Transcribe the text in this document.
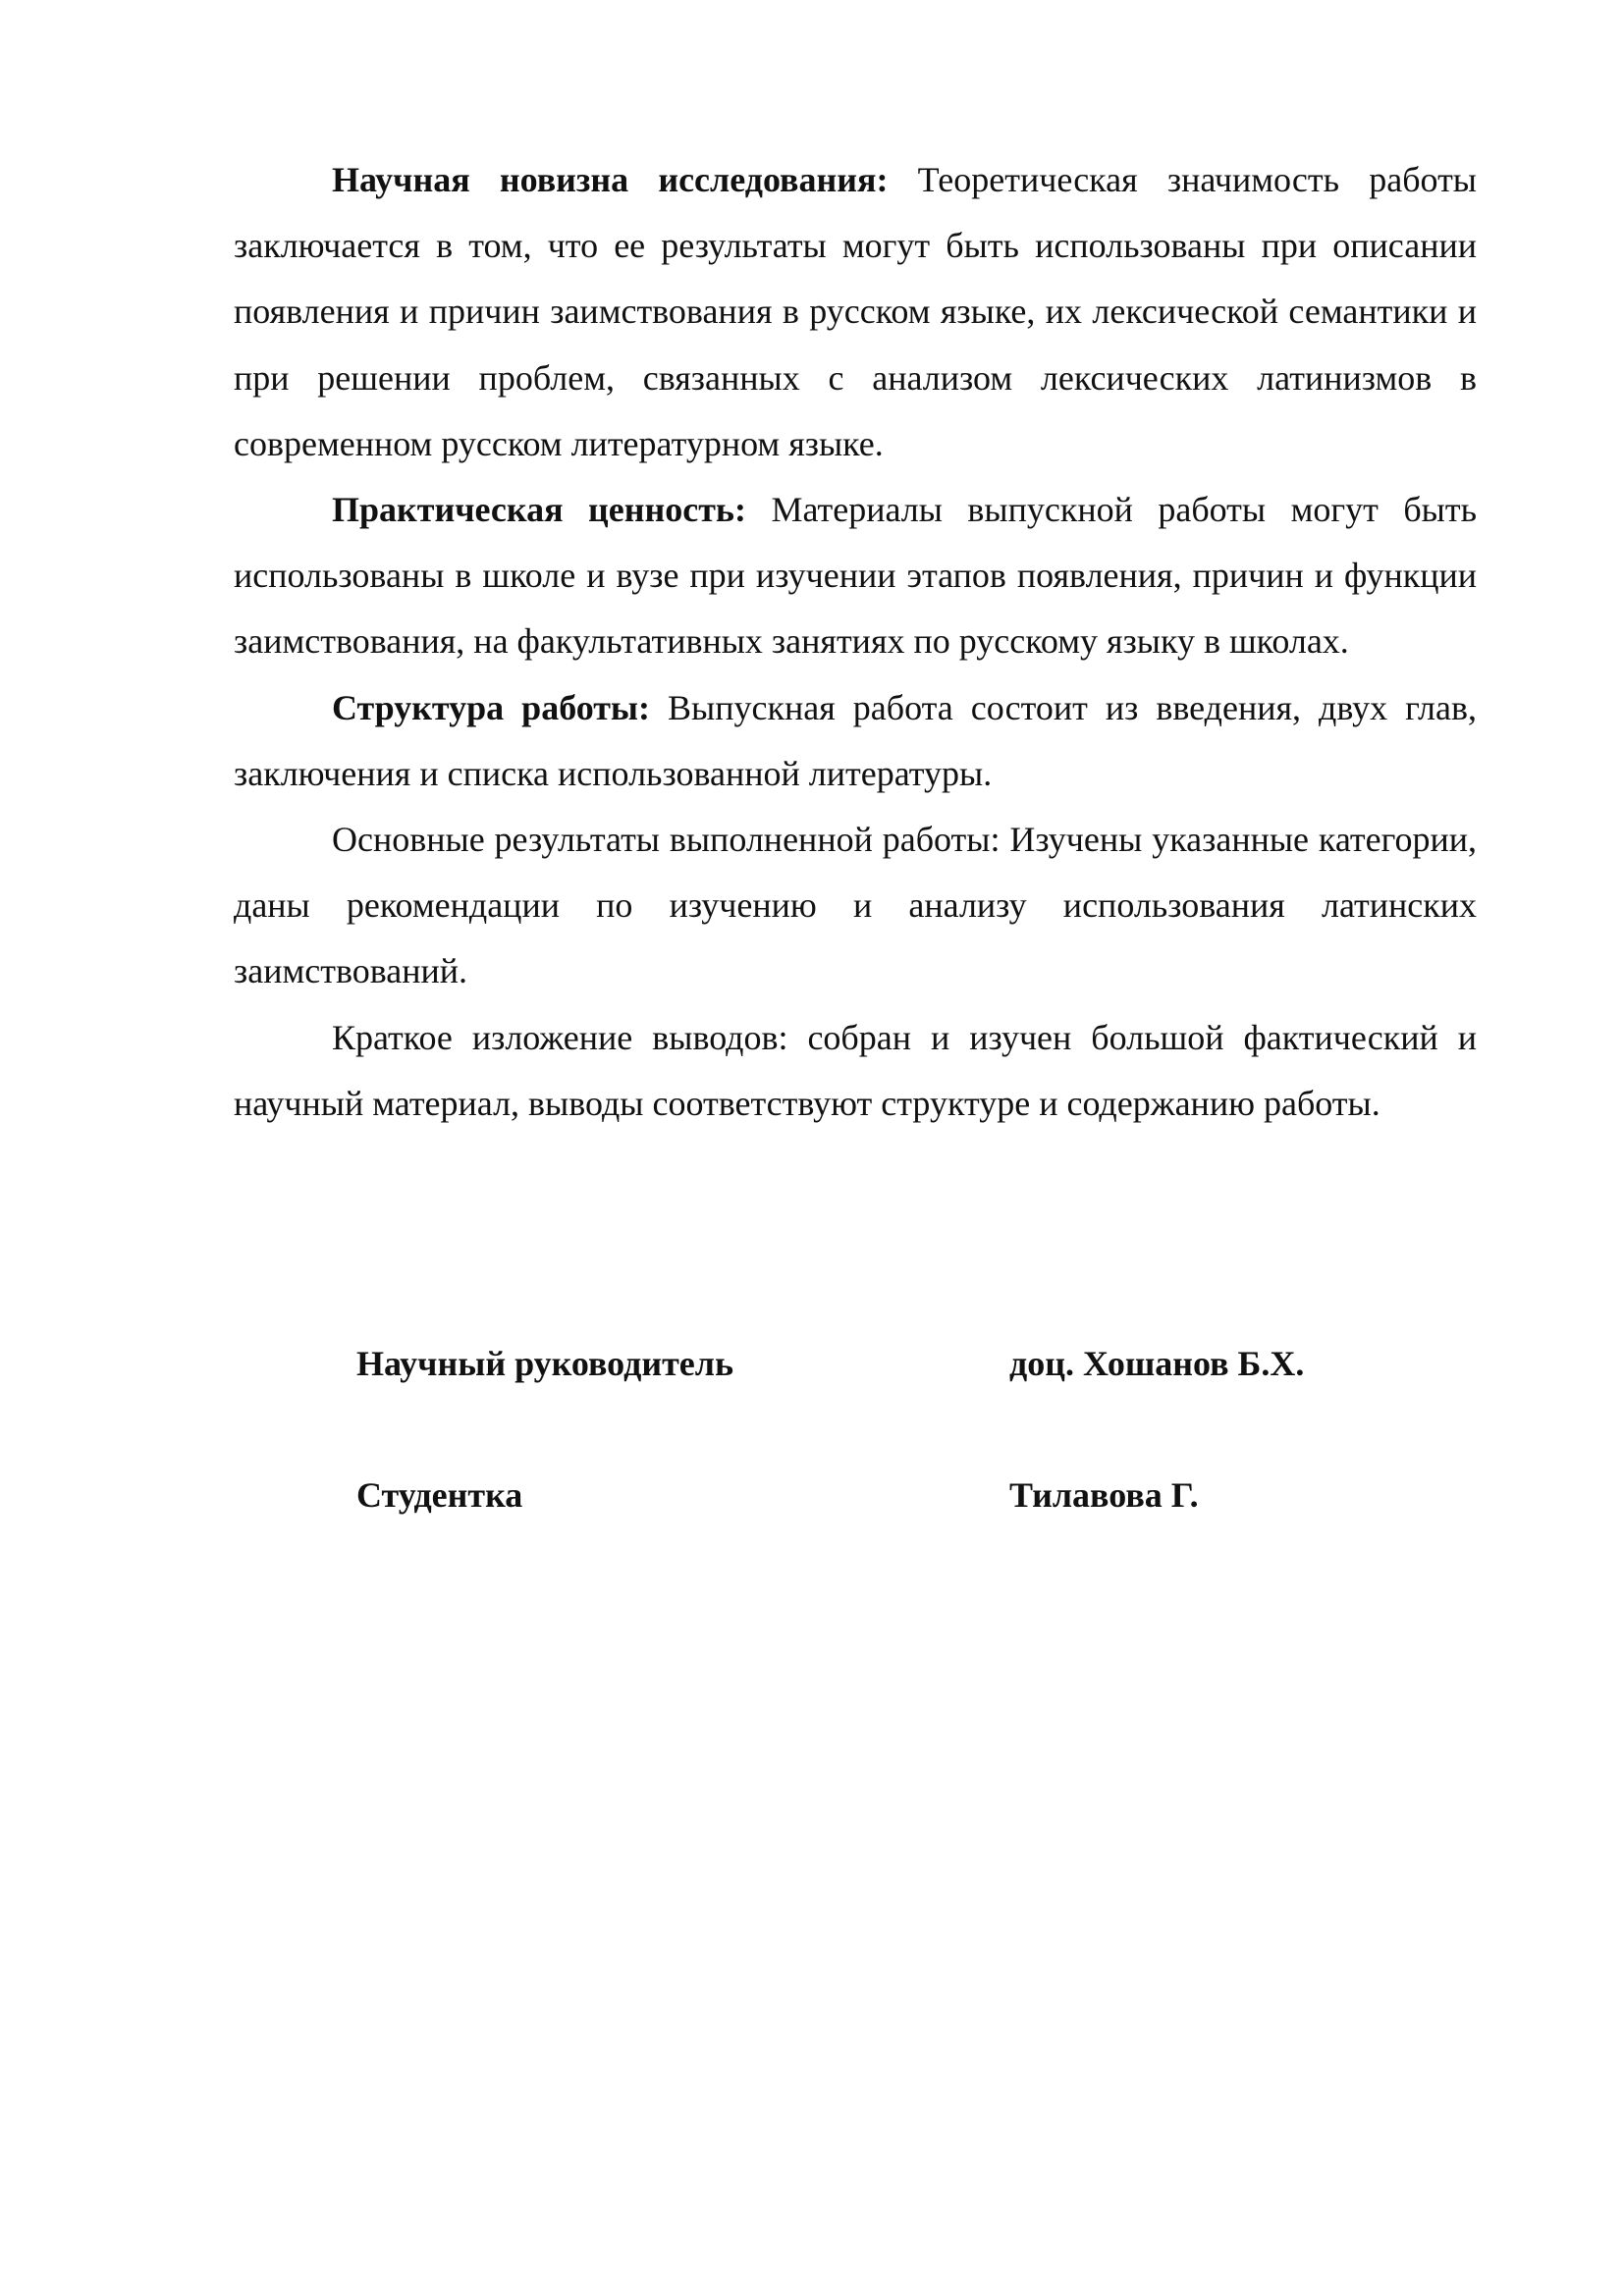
Научная новизна исследования: Теоретическая значимость работы заключается в том, что ее результаты могут быть использованы при описании появления и причин заимствования в русском языке, их лексической семантики и при решении проблем, связанных с анализом лексических латинизмов в современном русском литературном языке.

Практическая ценность: Материалы выпускной работы могут быть использованы в школе и вузе при изучении этапов появления, причин и функции заимствования, на факультативных занятиях по русскому языку в школах.

Структура работы: Выпускная работа состоит из введения, двух глав, заключения и списка использованной литературы.

Основные результаты выполненной работы: Изучены указанные категории, даны рекомендации по изучению и анализу использования латинских заимствований.

Краткое изложение выводов: собран и изучен большой фактический и научный материал, выводы соответствуют структуре и содержанию работы.

Научный руководитель	доц. Хошанов Б.Х.
Студентка	Тилавова Г.
